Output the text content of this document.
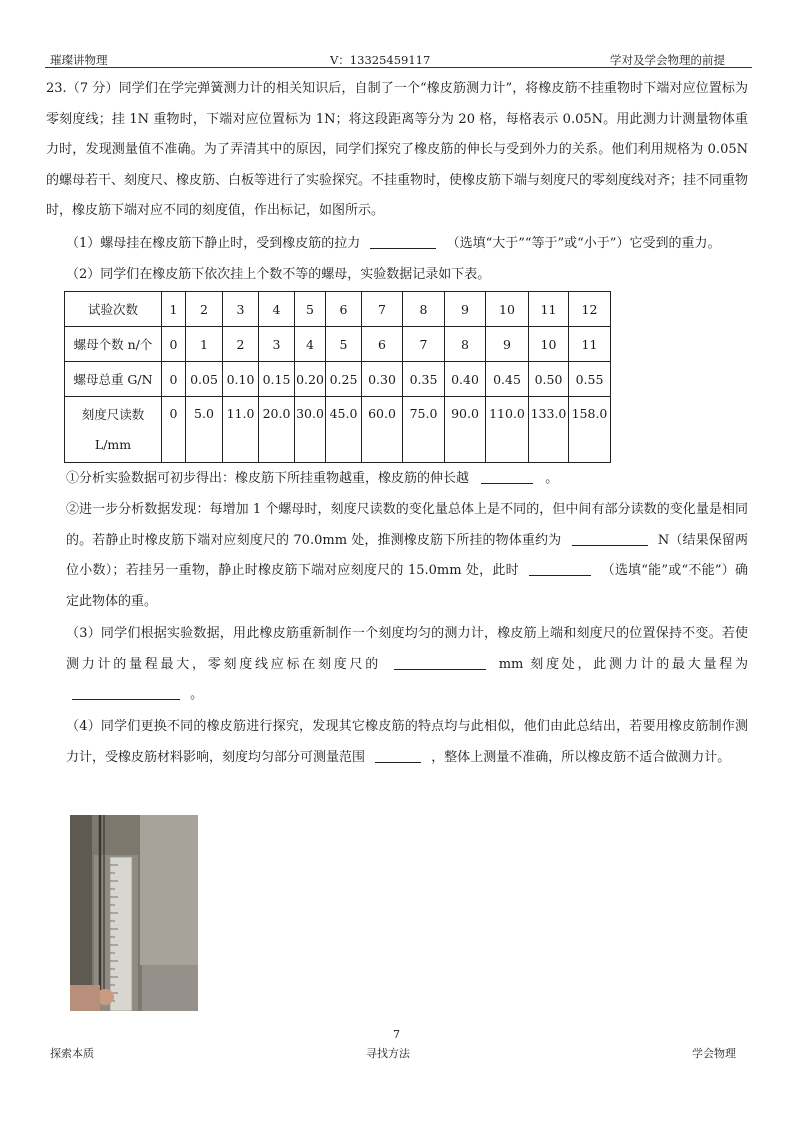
璀璨讲物理	V：13325459117	学对及学会物理的前提
23.（7 分）同学们在学完弹簧测力计的相关知识后，自制了一个“橡皮筋测力计”，将橡皮筋不挂重物时下端对应位置标为零刻度线；挂 1N 重物时，下端对应位置标为 1N；将这段距离等分为 20 格，每格表示 0.05N。用此测力计测量物体重力时，发现测量值不准确。为了弄清其中的原因，同学们探究了橡皮筋的伸长与受到外力的关系。他们利用规格为 0.05N 的螺母若干、刻度尺、橡皮筋、白板等进行了实验探究。不挂重物时，使橡皮筋下端与刻度尺的零刻度线对齐；挂不同重物时，橡皮筋下端对应不同的刻度值，作出标记，如图所示。
（1）螺母挂在橡皮筋下静止时，受到橡皮筋的拉力	（选填“大于”“等于”或“小于”）它受到的重力。
（2）同学们在橡皮筋下依次挂上个数不等的螺母，实验数据记录如下表。
试验次数	1	2	3	4	5	6	7	8	9	10	11	12
螺母个数 n/个	0	1	2	3	4	5	6	7	8	9	10	11
螺母总重 G/N	0	0.05	0.10	0.15	0.20	0.25	0.30	0.35	0.40	0.45	0.50	0.55

刻度尺读数
L/mm	0	5.0	11.0	20.0	30.0	45.0	60.0	75.0	90.0	110.0	133.0	158.0
①分析实验数据可初步得出：橡皮筋下所挂重物越重，橡皮筋的伸长越	。
②进一步分析数据发现：每增加 1 个螺母时，刻度尺读数的变化量总体上是不同的，但中间有部分读数的变化量是相同的。若静止时橡皮筋下端对应刻度尺的 70.0mm 处，推测橡皮筋下所挂的物体重约为	N（结果保留两位小数）；若挂另一重物，静止时橡皮筋下端对应刻度尺的 15.0mm 处，此时	（选填“能”或“不能”）确定此物体的重。
（3）同学们根据实验数据，用此橡皮筋重新制作一个刻度均匀的测力计，橡皮筋上端和刻度尺的位置保持不变。若使测力计的量程最大，零刻度线应标在刻度尺的	mm 刻度处，此测力计的最大量程为  。
（4）同学们更换不同的橡皮筋进行探究，发现其它橡皮筋的特点均与此相似，他们由此总结出，若要用橡皮筋制作测力计，受橡皮筋材料影响，刻度均匀部分可测量范围	，整体上测量不准确，所以橡皮筋不适合做测力计。
7
探索本质	寻找方法	学会物理
